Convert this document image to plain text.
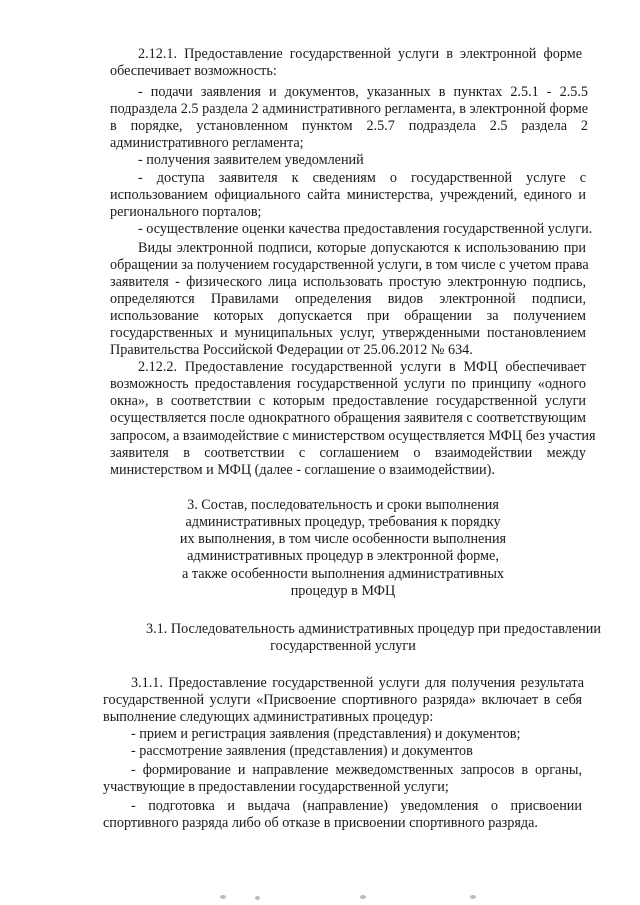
2.12.1. Предоставление государственной услуги в электронной форме
обеспечивает возможность:
- подачи заявления и документов, указанных в пунктах 2.5.1 - 2.5.5
подраздела 2.5 раздела 2 административного регламента, в электронной форме
в порядке, установленном пунктом 2.5.7 подраздела 2.5 раздела 2
административного регламента;
- получения заявителем уведомлений
- доступа заявителя к сведениям о государственной услуге с
использованием официального сайта министерства, учреждений, единого и
регионального порталов;
- осуществление оценки качества предоставления государственной услуги.
Виды электронной подписи, которые допускаются к использованию при
обращении за получением государственной услуги, в том числе с учетом права
заявителя - физического лица использовать простую электронную подпись,
определяются Правилами определения видов электронной подписи,
использование которых допускается при обращении за получением
государственных и муниципальных услуг, утвержденными постановлением
Правительства Российской Федерации от 25.06.2012 № 634.
2.12.2. Предоставление государственной услуги в МФЦ обеспечивает
возможность предоставления государственной услуги по принципу «одного
окна», в соответствии с которым предоставление государственной услуги
осуществляется после однократного обращения заявителя с соответствующим
запросом, а взаимодействие с министерством осуществляется МФЦ без участия
заявителя в соответствии с соглашением о взаимодействии между
министерством и МФЦ (далее - соглашение о взаимодействии).
3. Состав, последовательность и сроки выполнения
административных процедур, требования к порядку
их выполнения, в том числе особенности выполнения
административных процедур в электронной форме,
а также особенности выполнения административных
процедур в МФЦ
3.1. Последовательность административных процедур при предоставлении
государственной услуги
3.1.1. Предоставление государственной услуги для получения результата
государственной услуги «Присвоение спортивного разряда» включает в себя
выполнение следующих административных процедур:
- прием и регистрация заявления (представления) и документов;
- рассмотрение заявления (представления) и документов
- формирование и направление межведомственных запросов в органы,
участвующие в предоставлении государственной услуги;
- подготовка и выдача (направление) уведомления о присвоении
спортивного разряда либо об отказе в присвоении спортивного разряда.
